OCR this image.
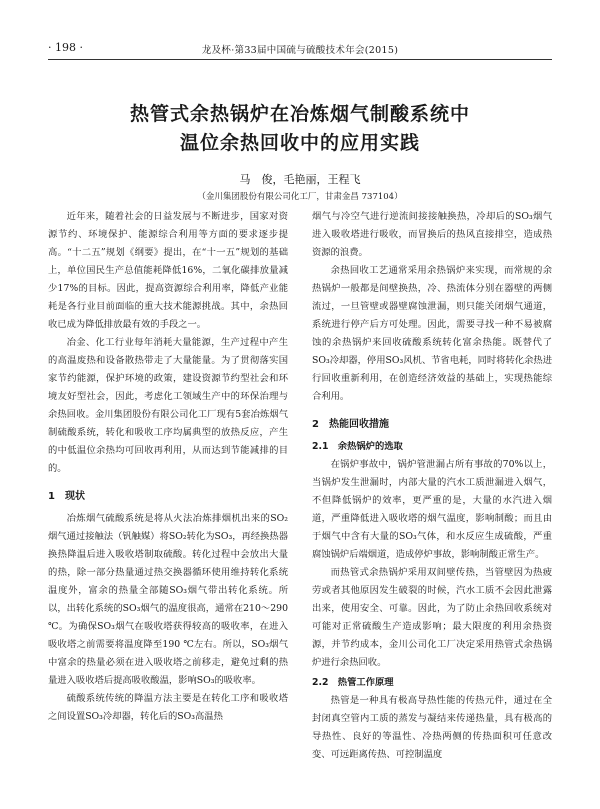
· 198 ·	龙及杯·第33届中国硫与硫酸技术年会(2015)
热管式余热锅炉在冶炼烟气制酸系统中
温位余热回收中的应用实践
马　俊，毛艳丽，王程飞
（金川集团股份有限公司化工厂，甘肃金昌 737104）

近年来，随着社会的日益发展与不断进步，国家对资源节约、环境保护、能源综合利用等方面的要求逐步提高。“十二五”规划《纲要》提出，在“十一五”规划的基础上，单位国民生产总值能耗降低16%，二氧化碳排放量减少17%的目标。因此，提高资源综合利用率，降低产业能耗是各行业目前面临的重大技术能源挑战。其中，余热回收已成为降低排放最有效的手段之一。

冶金、化工行业每年消耗大量能源，生产过程中产生的高温废热和设备散热带走了大量能量。为了贯彻落实国家节约能源，保护环境的政策，建设资源节约型社会和环境友好型社会，因此，考虑化工领域生产中的环保治理与余热回收。金川集团股份有限公司化工厂现有5套冶炼烟气制硫酸系统，转化和吸收工序均属典型的放热反应，产生的中低温位余热均可回收再利用，从而达到节能减排的目的。

1　现状

冶炼烟气硫酸系统是将从火法冶炼排烟机出来的SO₂烟气通过接触法（钒触媒）将SO₂转化为SO₃，再经换热器换热降温后进入吸收塔制取硫酸。转化过程中会放出大量的热，除一部分热量通过热交换器循环使用维持转化系统温度外，富余的热量全部随SO₃烟气带出转化系统。所以，出转化系统的SO₃烟气的温度很高，通常在210～290 ℃。为确保SO₃烟气在吸收塔获得较高的吸收率，在进入吸收塔之前需要将温度降至190 ℃左右。所以，SO₃烟气中富余的热量必须在进入吸收塔之前移走，避免过剩的热量进入吸收塔后提高吸收酸温，影响SO₃的吸收率。

硫酸系统传统的降温方法主要是在转化工序和吸收塔之间设置SO₃冷却器，转化后的SO₃高温热

烟气与冷空气进行逆流间接接触换热，冷却后的SO₃烟气进入吸收塔进行吸收，而冒换后的热风直接排空，造成热资源的浪费。

余热回收工艺通常采用余热锅炉来实现，而常规的余热锅炉一般都是间壁换热，冷、热流体分别在器壁的两侧流过，一旦管壁或器壁腐蚀泄漏，则只能关闭烟气通道，系统进行停产后方可处理。因此，需要寻找一种不易被腐蚀的余热锅炉来回收硫酸系统转化富余热能。既替代了SO₃冷却器，停用SO₃风机、节省电耗，同时将转化余热进行回收重新利用，在创造经济效益的基础上，实现热能综合利用。

2　热能回收措施
2.1　余热锅炉的选取

在锅炉事故中，锅炉管泄漏占所有事故的70%以上，当锅炉发生泄漏时，内部大量的汽水工质泄漏进入烟气，不但降低锅炉的效率，更严重的是，大量的水汽进入烟道，严重降低进入吸收塔的烟气温度，影响制酸；而且由于烟气中含有大量的SO₃气体，和水反应生成硫酸，严重腐蚀锅炉后端烟道，造成停炉事故，影响制酸正常生产。

而热管式余热锅炉采用双间壁传热，当管壁因为热疲劳或者其他原因发生破裂的时候，汽水工质不会因此泄露出来，使用安全、可靠。因此，为了防止余热回收系统对可能对正常硫酸生产造成影响；最大限度的利用余热资源，并节约成本，金川公司化工厂决定采用热管式余热锅炉进行余热回收。

2.2　热管工作原理

热管是一种具有极高导热性能的传热元件，通过在全封闭真空管内工质的蒸发与凝结来传递热量，具有极高的导热性、良好的等温性、冷热两侧的传热面积可任意改变、可远距离传热、可控制温度
